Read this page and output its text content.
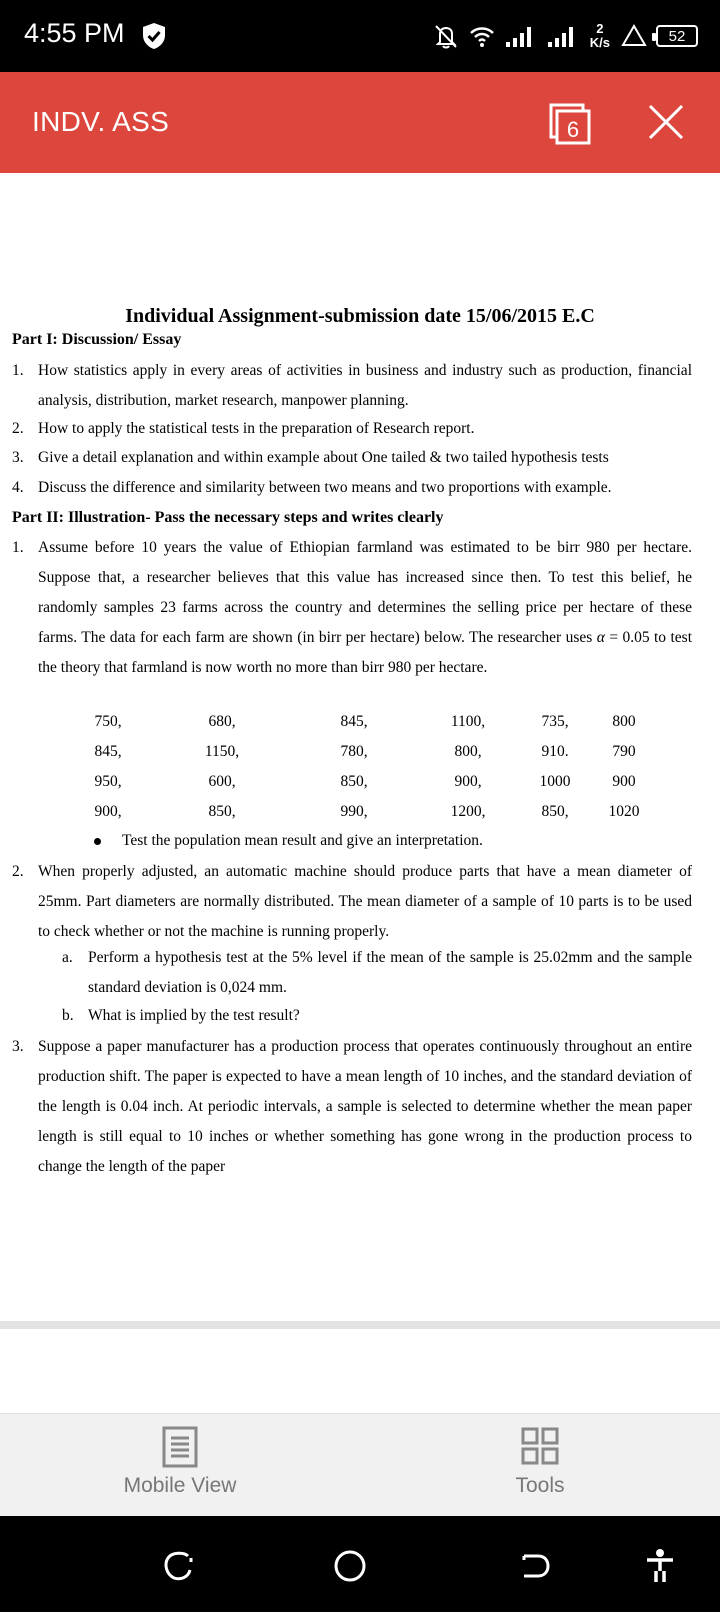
4:55 PM	2
K/s	52
INDV. ASS	6
Individual Assignment-submission date 15/06/2015 E.C
Part I: Discussion/ Essay
1. How statistics apply in every areas of activities in business and industry such as production, financial analysis, distribution, market research, manpower planning.
2. How to apply the statistical tests in the preparation of Research report.
3. Give a detail explanation and within example about One tailed & two tailed hypothesis tests
4. Discuss the difference and similarity between two means and two proportions with example.
Part II: Illustration- Pass the necessary steps and writes clearly
1. Assume before 10 years the value of Ethiopian farmland was estimated to be birr 980 per hectare. Suppose that, a researcher believes that this value has increased since then. To test this belief, he randomly samples 23 farms across the country and determines the selling price per hectare of these farms. The data for each farm are shown (in birr per hectare) below. The researcher uses α = 0.05 to test the theory that farmland is now worth no more than birr 980 per hectare.
750,	680,	845,	1100,	735,	800
845,	1150,	780,	800,	910.	790
950,	600,	850,	900,	1000	900
900,	850,	990,	1200,	850,	1020
Test the population mean result and give an interpretation.
2. When properly adjusted, an automatic machine should produce parts that have a mean diameter of 25mm. Part diameters are normally distributed. The mean diameter of a sample of 10 parts is to be used to check whether or not the machine is running properly.
a. Perform a hypothesis test at the 5% level if the mean of the sample is 25.02mm and the sample standard deviation is 0,024 mm.
b. What is implied by the test result?
3. Suppose a paper manufacturer has a production process that operates continuously throughout an entire production shift. The paper is expected to have a mean length of 10 inches, and the standard deviation of the length is 0.04 inch. At periodic intervals, a sample is selected to determine whether the mean paper length is still equal to 10 inches or whether something has gone wrong in the production process to change the length of the paper
Mobile View	Tools
